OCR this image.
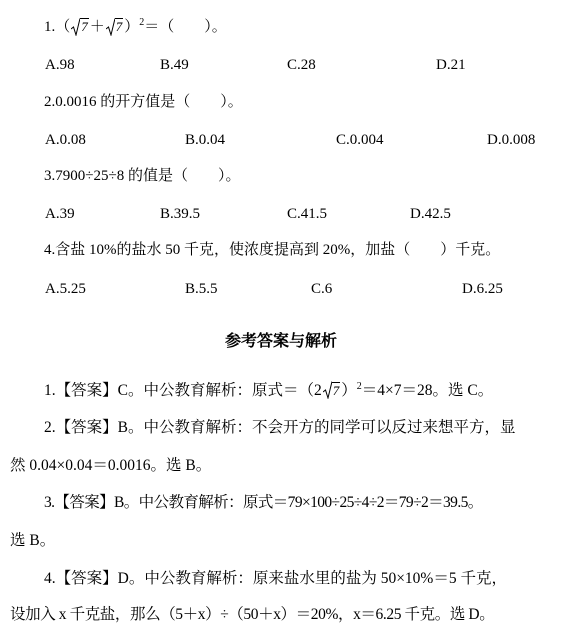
1.（ 7 ＋ 7 ）$^2$＝（　　）。
A.98	B.49	C.28	D.21
2.0.0016 的开方值是（　　）。
A.0.08	B.0.04	C.0.004	D.0.008
3.7900÷25÷8 的值是（　　）。
A.39	B.39.5	C.41.5	D.42.5
4.含盐 10%的盐水 50 千克，使浓度提高到 20%，加盐（　　）千克。
A.5.25	B.5.5	C.6	D.6.25
参考答案与解析
1.【答案】C。中公教育解析：原式＝（2 7 ）$^2$＝4×7＝28。选 C。
2.【答案】B。中公教育解析：不会开方的同学可以反过来想平方，显
然 0.04×0.04＝0.0016。选 B。
3.【答案】B。中公教育解析：原式＝79×100÷25÷4÷2＝79÷2＝39.5。
选 B。
4.【答案】D。中公教育解析：原来盐水里的盐为 50×10%＝5 千克，
设加入 x 千克盐，那么（5＋x）÷（50＋x）＝20%，x＝6.25 千克。选 D。
